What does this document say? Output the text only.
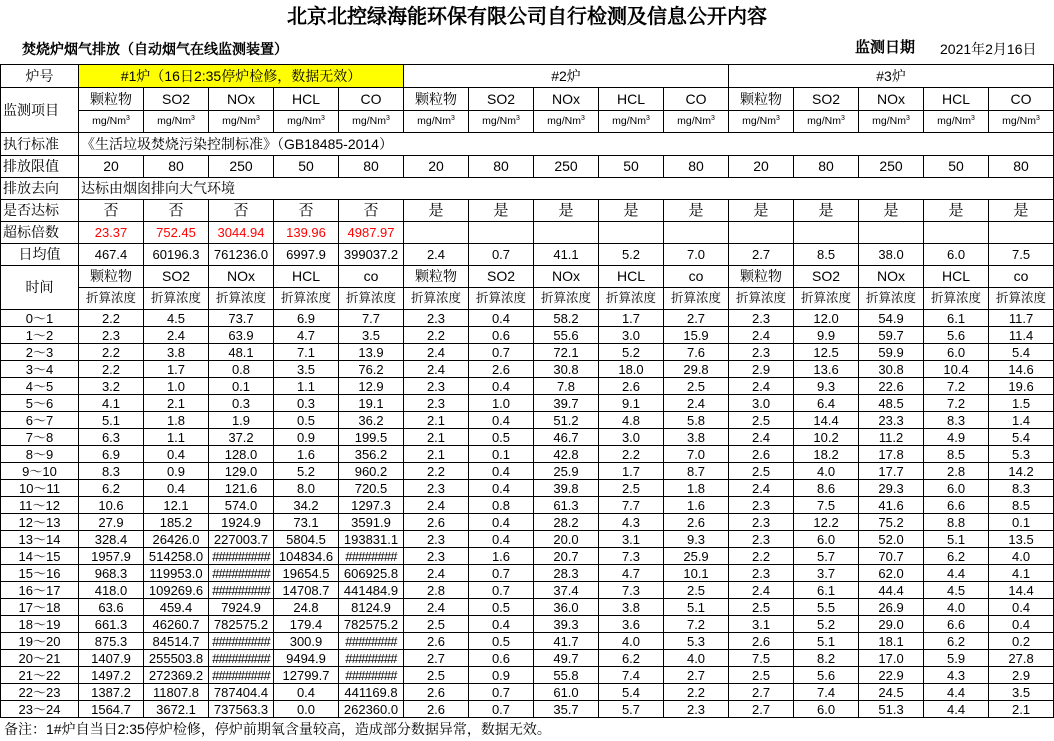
北京北控绿海能环保有限公司自行检测及信息公开内容
焚烧炉烟气排放（自动烟气在线监测装置）	监测日期 2021年2月16日
炉号	#1炉（16日2:35停炉检修，数据无效）					#2炉					#3炉				
监测项目	颗粒物	SO2	NOx	HCL	CO	颗粒物	SO2	NOx	HCL	CO	颗粒物	SO2	NOx	HCL	CO
	mg/Nm$^3$	mg/Nm$^3$	mg/Nm$^3$	mg/Nm$^3$	mg/Nm$^3$	mg/Nm$^3$	mg/Nm$^3$	mg/Nm$^3$	mg/Nm$^3$	mg/Nm$^3$	mg/Nm$^3$	mg/Nm$^3$	mg/Nm$^3$	mg/Nm$^3$	mg/Nm$^3$
执行标准	《生活垃圾焚烧污染控制标准》（GB18485-2014）														
排放限值	20	80	250	50	80	20	80	250	50	80	20	80	250	50	80
排放去向	达标由烟囱排向大气环境														
是否达标	否	否	否	否	否	是	是	是	是	是	是	是	是	是	是
超标倍数	23.37	752.45	3044.94	139.96	4987.97										
日均值	467.4	60196.3	761236.0	6997.9	399037.2	2.4	0.7	41.1	5.2	7.0	2.7	8.5	38.0	6.0	7.5
时间	颗粒物	SO2	NOx	HCL	co	颗粒物	SO2	NOx	HCL	co	颗粒物	SO2	NOx	HCL	co
	折算浓度	折算浓度	折算浓度	折算浓度	折算浓度	折算浓度	折算浓度	折算浓度	折算浓度	折算浓度	折算浓度	折算浓度	折算浓度	折算浓度	折算浓度
0～1	2.2	4.5	73.7	6.9	7.7	2.3	0.4	58.2	1.7	2.7	2.3	12.0	54.9	6.1	11.7
1～2	2.3	2.4	63.9	4.7	3.5	2.2	0.6	55.6	3.0	15.9	2.4	9.9	59.7	5.6	11.4
2～3	2.2	3.8	48.1	7.1	13.9	2.4	0.7	72.1	5.2	7.6	2.3	12.5	59.9	6.0	5.4
3～4	2.2	1.7	0.8	3.5	76.2	2.4	2.6	30.8	18.0	29.8	2.9	13.6	30.8	10.4	14.6
4～5	3.2	1.0	0.1	1.1	12.9	2.3	0.4	7.8	2.6	2.5	2.4	9.3	22.6	7.2	19.6
5～6	4.1	2.1	0.3	0.3	19.1	2.3	1.0	39.7	9.1	2.4	3.0	6.4	48.5	7.2	1.5
6～7	5.1	1.8	1.9	0.5	36.2	2.1	0.4	51.2	4.8	5.8	2.5	14.4	23.3	8.3	1.4
7～8	6.3	1.1	37.2	0.9	199.5	2.1	0.5	46.7	3.0	3.8	2.4	10.2	11.2	4.9	5.4
8～9	6.9	0.4	128.0	1.6	356.2	2.1	0.1	42.8	2.2	7.0	2.6	18.2	17.8	8.5	5.3
9～10	8.3	0.9	129.0	5.2	960.2	2.2	0.4	25.9	1.7	8.7	2.5	4.0	17.7	2.8	14.2
10～11	6.2	0.4	121.6	8.0	720.5	2.3	0.4	39.8	2.5	1.8	2.4	8.6	29.3	6.0	8.3
11～12	10.6	12.1	574.0	34.2	1297.3	2.4	0.8	61.3	7.7	1.6	2.3	7.5	41.6	6.6	8.5
12～13	27.9	185.2	1924.9	73.1	3591.9	2.6	0.4	28.2	4.3	2.6	2.3	12.2	75.2	8.8	0.1
13～14	328.4	26426.0	227003.7	5804.5	193831.1	2.3	0.4	20.0	3.1	9.3	2.3	6.0	52.0	5.1	13.5
14～15	1957.9	514258.0	#########	104834.6	########	2.3	1.6	20.7	7.3	25.9	2.2	5.7	70.7	6.2	4.0
15～16	968.3	119953.0	#########	19654.5	606925.8	2.4	0.7	28.3	4.7	10.1	2.3	3.7	62.0	4.4	4.1
16～17	418.0	109269.6	#########	14708.7	441484.9	2.8	0.7	37.4	7.3	2.5	2.4	6.1	44.4	4.5	14.4
17～18	63.6	459.4	7924.9	24.8	8124.9	2.4	0.5	36.0	3.8	5.1	2.5	5.5	26.9	4.0	0.4
18～19	661.3	46260.7	782575.2	179.4	782575.2	2.5	0.4	39.3	3.6	7.2	3.1	5.2	29.0	6.6	0.4
19～20	875.3	84514.7	#########	300.9	########	2.6	0.5	41.7	4.0	5.3	2.6	5.1	18.1	6.2	0.2
20～21	1407.9	255503.8	#########	9494.9	########	2.7	0.6	49.7	6.2	4.0	7.5	8.2	17.0	5.9	27.8
21～22	1497.2	272369.2	#########	12799.7	########	2.5	0.9	55.8	7.4	2.7	2.5	5.6	22.9	4.3	2.9
22～23	1387.2	11807.8	787404.4	0.4	441169.8	2.6	0.7	61.0	5.4	2.2	2.7	7.4	24.5	4.4	3.5
23～24	1564.7	3672.1	737563.3	0.0	262360.0	2.6	0.7	35.7	5.7	2.3	2.7	6.0	51.3	4.4	2.1
备注：1#炉自当日2:35停炉检修，停炉前期氧含量较高，造成部分数据异常，数据无效。
